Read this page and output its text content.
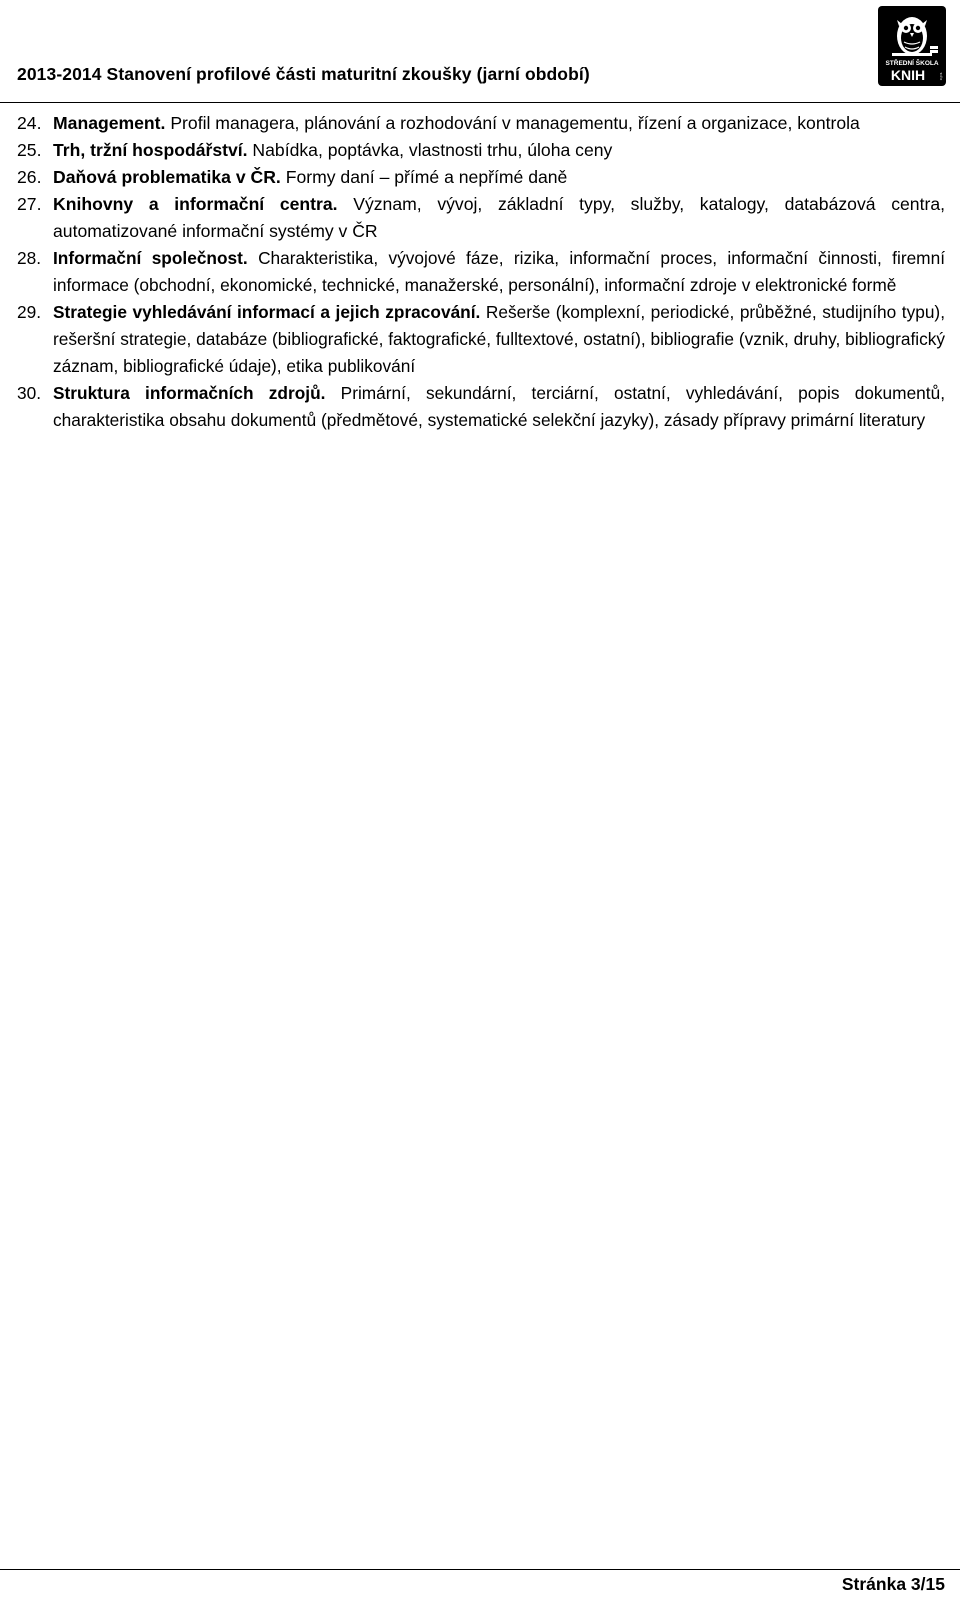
2013-2014 Stanovení profilové části maturitní zkoušky (jarní období)
STŘEDNÍ ŠKOLA
KNIH	o.p.s.
24. Management. Profil managera, plánování a rozhodování v managementu, řízení a organizace, kontrola
25. Trh, tržní hospodářství. Nabídka, poptávka, vlastnosti trhu, úloha ceny
26. Daňová problematika v ČR. Formy daní – přímé a nepřímé daně
27. Knihovny a informační centra. Význam, vývoj, základní typy, služby, katalogy, databázová centra, automatizované informační systémy v ČR
28. Informační společnost. Charakteristika, vývojové fáze, rizika, informační proces, informační činnosti, firemní informace (obchodní, ekonomické, technické, manažerské, personální), informační zdroje v elektronické formě
29. Strategie vyhledávání informací a jejich zpracování. Rešerše (komplexní, periodické, průběžné, studijního typu), rešeršní strategie, databáze (bibliografické, faktografické, fulltextové, ostatní), bibliografie (vznik, druhy, bibliografický záznam, bibliografické údaje), etika publikování
30. Struktura informačních zdrojů. Primární, sekundární, terciární, ostatní, vyhledávání, popis dokumentů, charakteristika obsahu dokumentů (předmětové, systematické selekční jazyky), zásady přípravy primární literatury
Stránka 3/15
